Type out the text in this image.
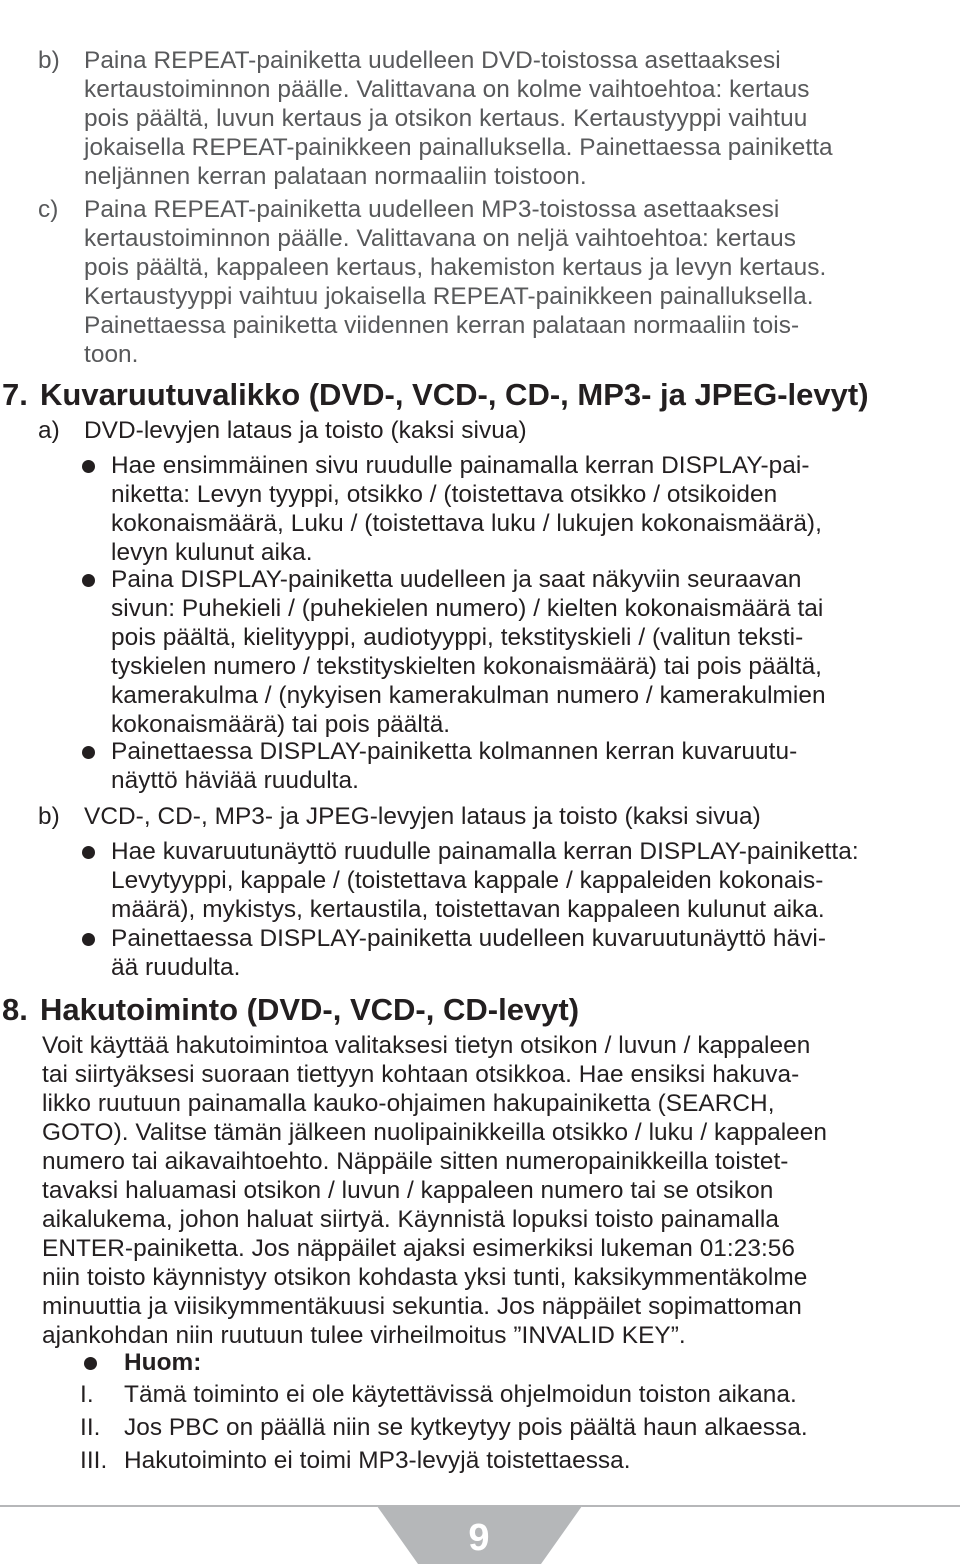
b) Paina REPEAT-painiketta uudelleen DVD-toistossa asettaaksesi
kertaustoiminnon päälle. Valittavana on kolme vaihtoehtoa: kertaus
pois päältä, luvun kertaus ja otsikon kertaus. Kertaustyyppi vaihtuu
jokaisella REPEAT-painikkeen painalluksella. Painettaessa painiketta
neljännen kerran palataan normaaliin toistoon.
c) Paina REPEAT-painiketta uudelleen MP3-toistossa asettaaksesi
kertaustoiminnon päälle. Valittavana on neljä vaihtoehtoa: kertaus
pois päältä, kappaleen kertaus, hakemiston kertaus ja levyn kertaus.
Kertaustyyppi vaihtuu jokaisella REPEAT-painikkeen painalluksella.
Painettaessa painiketta viidennen kerran palataan normaaliin tois-
toon.
7. Kuvaruutuvalikko (DVD-, VCD-, CD-, MP3- ja JPEG-levyt)
a) DVD-levyjen lataus ja toisto (kaksi sivua)
Hae ensimmäinen sivu ruudulle painamalla kerran DISPLAY-pai-
niketta: Levyn tyyppi, otsikko / (toistettava otsikko / otsikoiden
kokonaismäärä, Luku / (toistettava luku / lukujen kokonaismäärä),
levyn kulunut aika.
Paina DISPLAY-painiketta uudelleen ja saat näkyviin seuraavan
sivun: Puhekieli / (puhekielen numero) / kielten kokonaismäärä tai
pois päältä, kielityyppi, audiotyyppi, tekstityskieli / (valitun teksti-
tyskielen numero / tekstityskielten kokonaismäärä) tai pois päältä,
kamerakulma / (nykyisen kamerakulman numero / kamerakulmien
kokonaismäärä) tai pois päältä.
Painettaessa DISPLAY-painiketta kolmannen kerran kuvaruutu-
näyttö häviää ruudulta.
b) VCD-, CD-, MP3- ja JPEG-levyjen lataus ja toisto (kaksi sivua)
Hae kuvaruutunäyttö ruudulle painamalla kerran DISPLAY-painiketta:
Levytyyppi, kappale / (toistettava kappale / kappaleiden kokonais-
määrä), mykistys, kertaustila, toistettavan kappaleen kulunut aika.
Painettaessa DISPLAY-painiketta uudelleen kuvaruutunäyttö hävi-
ää ruudulta.
8. Hakutoiminto (DVD-, VCD-, CD-levyt)
Voit käyttää hakutoimintoa valitaksesi tietyn otsikon / luvun / kappaleen
tai siirtyäksesi suoraan tiettyyn kohtaan otsikkoa. Hae ensiksi hakuva-
likko ruutuun painamalla kauko-ohjaimen hakupainiketta (SEARCH,
GOTO). Valitse tämän jälkeen nuolipainikkeilla otsikko / luku / kappaleen
numero tai aikavaihtoehto. Näppäile sitten numeropainikkeilla toistet-
tavaksi haluamasi otsikon / luvun / kappaleen numero tai se otsikon
aikalukema, johon haluat siirtyä. Käynnistä lopuksi toisto painamalla
ENTER-painiketta. Jos näppäilet ajaksi esimerkiksi lukeman 01:23:56
niin toisto käynnistyy otsikon kohdasta yksi tunti, kaksikymmentäkolme
minuuttia ja viisikymmentäkuusi sekuntia. Jos näppäilet sopimattoman
ajankohdan niin ruutuun tulee virheilmoitus ”INVALID KEY”.
Huom:
I. Tämä toiminto ei ole käytettävissä ohjelmoidun toiston aikana.
II. Jos PBC on päällä niin se kytkeytyy pois päältä haun alkaessa.
III. Hakutoiminto ei toimi MP3-levyjä toistettaessa.
9
